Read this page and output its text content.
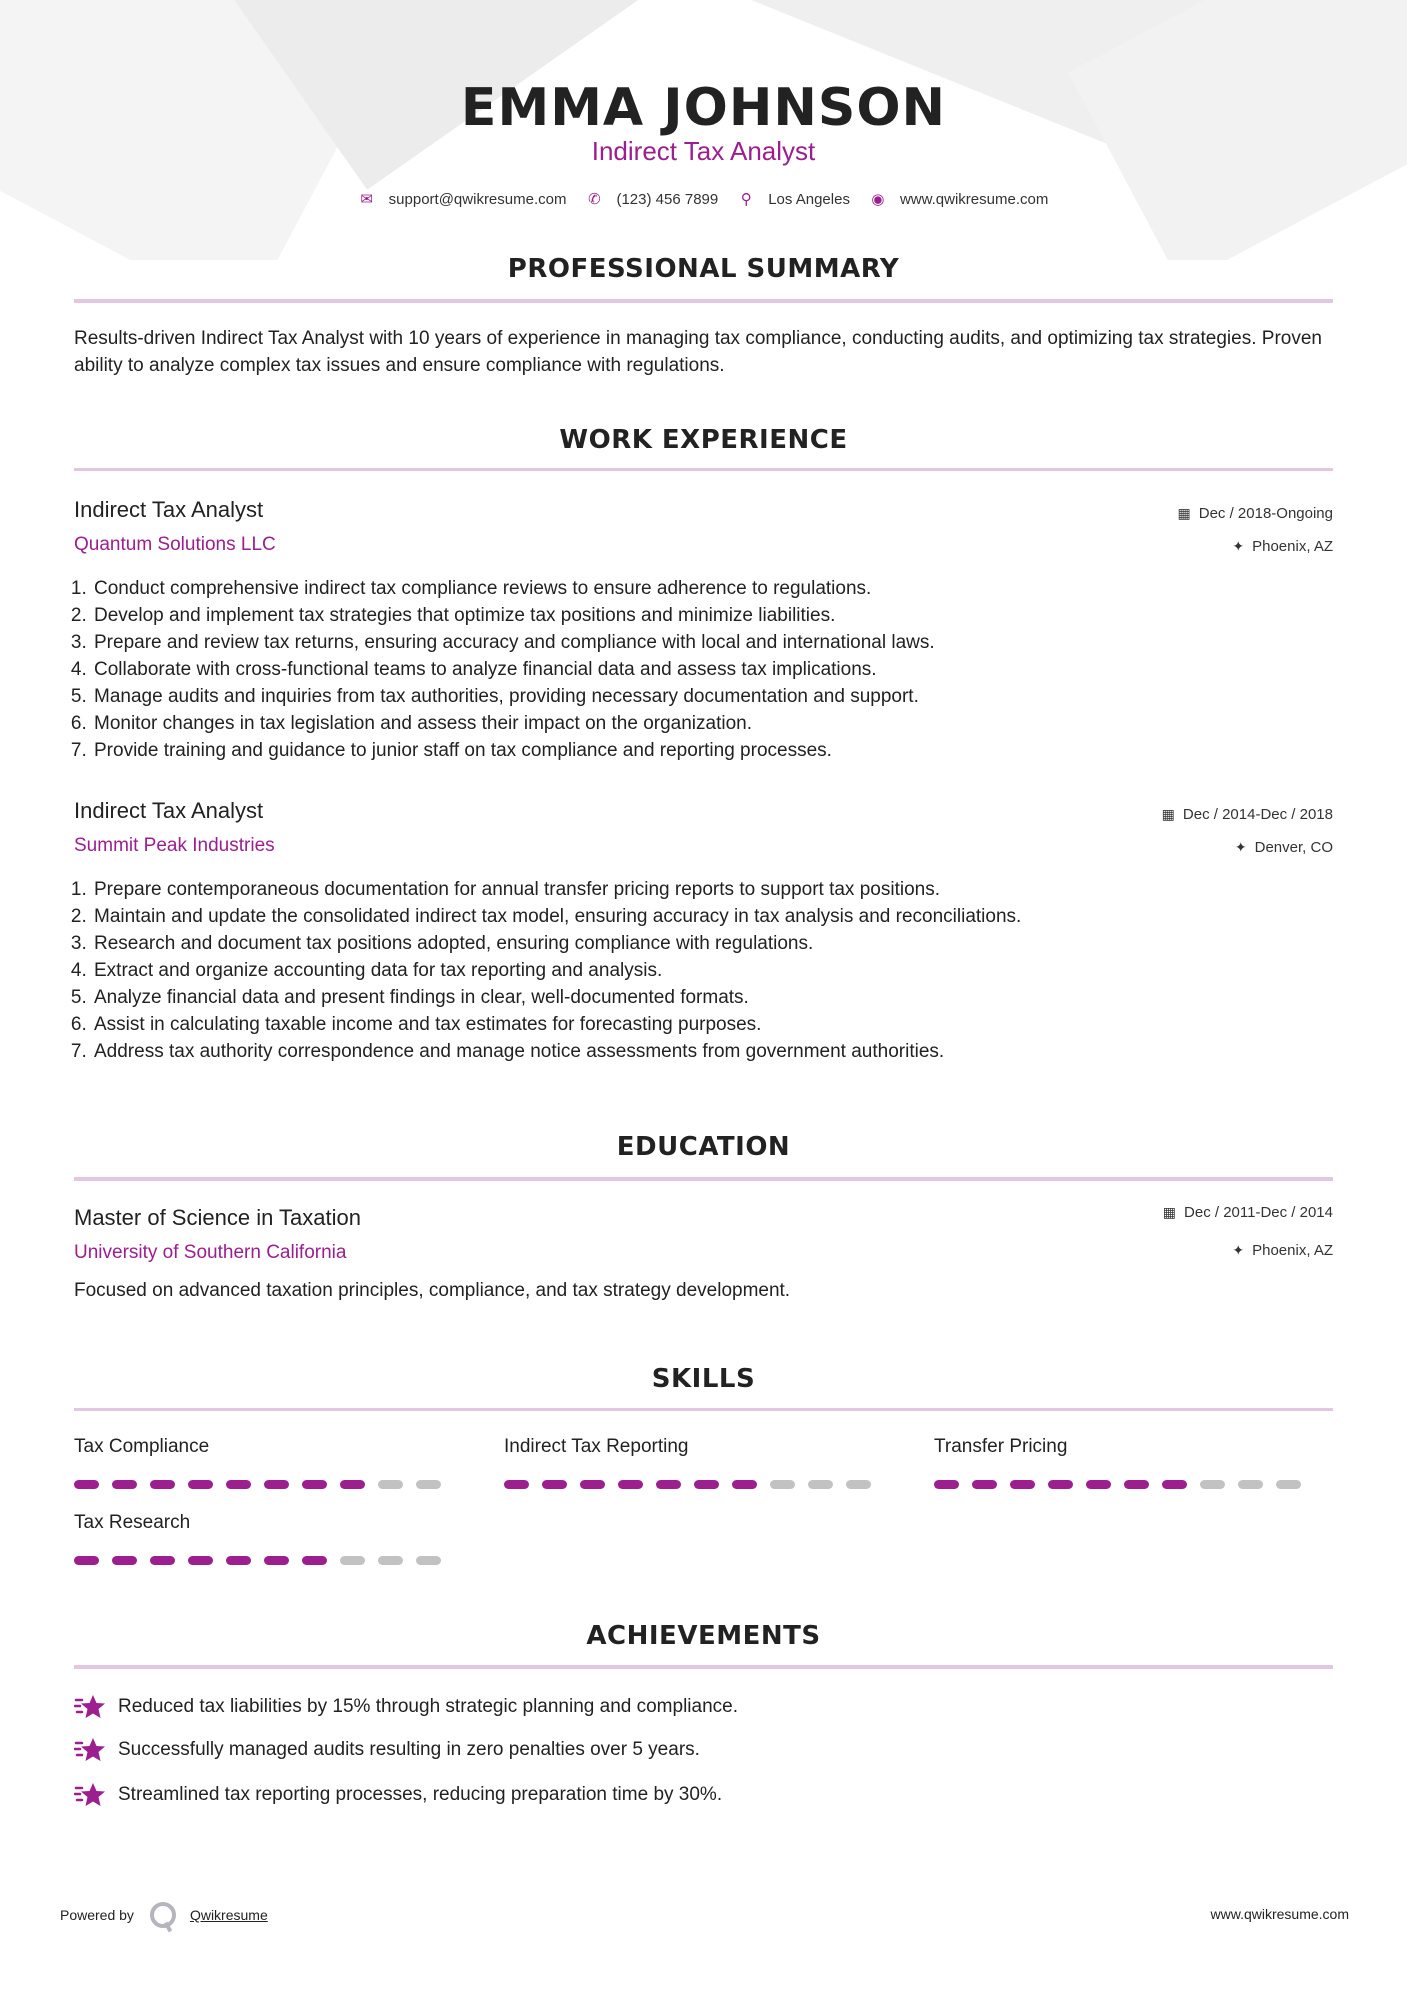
EMMA JOHNSON
Indirect Tax Analyst
✉ support@qwikresume.com ✆ (123) 456 7899 ⚲ Los Angeles ◉ www.qwikresume.com
PROFESSIONAL SUMMARY
Results-driven Indirect Tax Analyst with 10 years of experience in managing tax compliance, conducting audits, and optimizing tax strategies. Proven ability to analyze complex tax issues and ensure compliance with regulations.
WORK EXPERIENCE
Indirect Tax Analyst
Quantum Solutions LLC
▦ Dec / 2018-Ongoing
✦ Phoenix, AZ
1. Conduct comprehensive indirect tax compliance reviews to ensure adherence to regulations.
2. Develop and implement tax strategies that optimize tax positions and minimize liabilities.
3. Prepare and review tax returns, ensuring accuracy and compliance with local and international laws.
4. Collaborate with cross-functional teams to analyze financial data and assess tax implications.
5. Manage audits and inquiries from tax authorities, providing necessary documentation and support.
6. Monitor changes in tax legislation and assess their impact on the organization.
7. Provide training and guidance to junior staff on tax compliance and reporting processes.
Indirect Tax Analyst
Summit Peak Industries
▦ Dec / 2014-Dec / 2018
✦ Denver, CO
1. Prepare contemporaneous documentation for annual transfer pricing reports to support tax positions.
2. Maintain and update the consolidated indirect tax model, ensuring accuracy in tax analysis and reconciliations.
3. Research and document tax positions adopted, ensuring compliance with regulations.
4. Extract and organize accounting data for tax reporting and analysis.
5. Analyze financial data and present findings in clear, well-documented formats.
6. Assist in calculating taxable income and tax estimates for forecasting purposes.
7. Address tax authority correspondence and manage notice assessments from government authorities.
EDUCATION
Master of Science in Taxation
University of Southern California
▦ Dec / 2011-Dec / 2014
✦ Phoenix, AZ
Focused on advanced taxation principles, compliance, and tax strategy development.
SKILLS
Tax Compliance	Indirect Tax Reporting	Transfer Pricing
Tax Research
ACHIEVEMENTS
Reduced tax liabilities by 15% through strategic planning and compliance.
Successfully managed audits resulting in zero penalties over 5 years.
Streamlined tax reporting processes, reducing preparation time by 30%.
Powered by	Qwikresume	www.qwikresume.com
